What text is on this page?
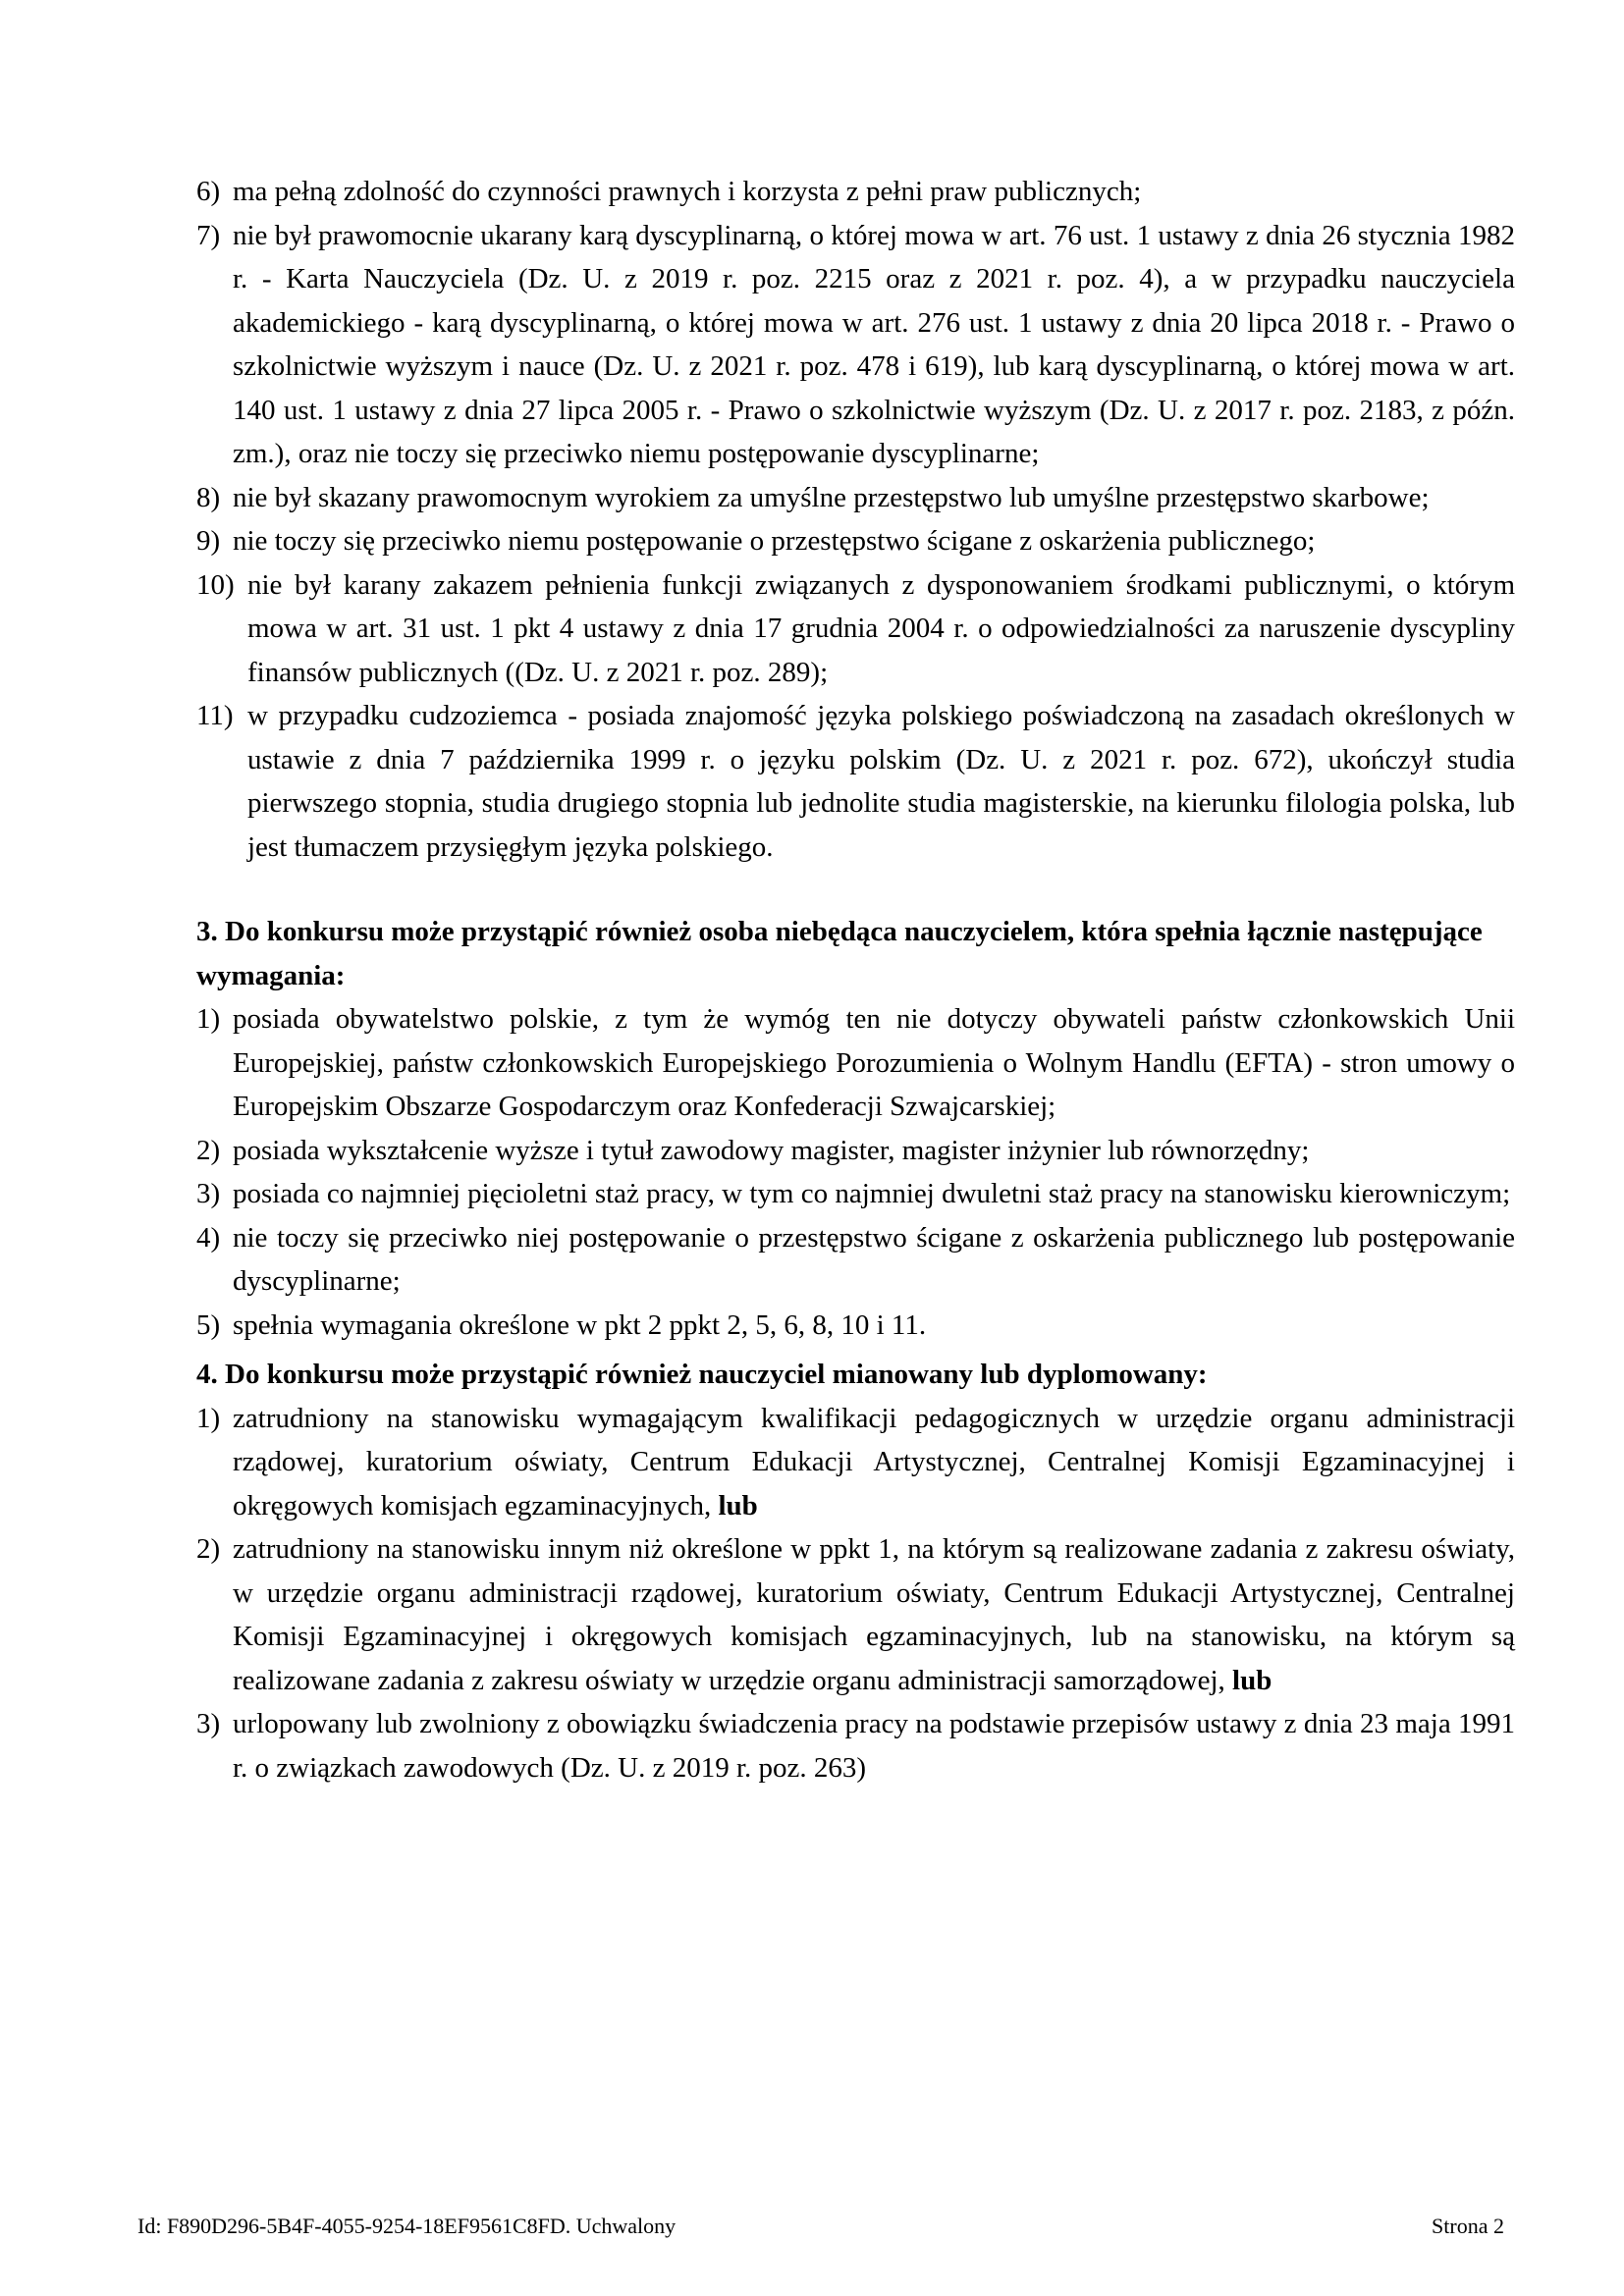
6) ma pełną zdolność do czynności prawnych i korzysta z pełni praw publicznych;
7) nie był prawomocnie ukarany karą dyscyplinarną, o której mowa w art. 76 ust. 1 ustawy z dnia 26 stycznia 1982 r. - Karta Nauczyciela (Dz. U. z 2019 r. poz. 2215 oraz z 2021 r. poz. 4), a w przypadku nauczyciela akademickiego - karą dyscyplinarną, o której mowa w art. 276 ust. 1 ustawy z dnia 20 lipca 2018 r. - Prawo o szkolnictwie wyższym i nauce (Dz. U. z 2021 r. poz. 478 i 619), lub karą dyscyplinarną, o której mowa w art. 140 ust. 1 ustawy z dnia 27 lipca 2005 r. - Prawo o szkolnictwie wyższym (Dz. U. z 2017 r. poz. 2183, z późn. zm.), oraz nie toczy się przeciwko niemu postępowanie dyscyplinarne;
8) nie był skazany prawomocnym wyrokiem za umyślne przestępstwo lub umyślne przestępstwo skarbowe;
9) nie toczy się przeciwko niemu postępowanie o przestępstwo ścigane z oskarżenia publicznego;
10) nie był karany zakazem pełnienia funkcji związanych z dysponowaniem środkami publicznymi, o którym mowa w art. 31 ust. 1 pkt 4 ustawy z dnia 17 grudnia 2004 r. o odpowiedzialności za naruszenie dyscypliny finansów publicznych ((Dz. U. z 2021 r. poz. 289);
11) w przypadku cudzoziemca - posiada znajomość języka polskiego poświadczoną na zasadach określonych w ustawie z dnia 7 października 1999 r. o języku polskim (Dz. U. z 2021 r. poz. 672), ukończył studia pierwszego stopnia, studia drugiego stopnia lub jednolite studia magisterskie, na kierunku filologia polska, lub jest tłumaczem przysięgłym języka polskiego.

3. Do konkursu może przystąpić również osoba niebędąca nauczycielem, która spełnia łącznie następujące wymagania:

1) posiada obywatelstwo polskie, z tym że wymóg ten nie dotyczy obywateli państw członkowskich Unii Europejskiej, państw członkowskich Europejskiego Porozumienia o Wolnym Handlu (EFTA) - stron umowy o Europejskim Obszarze Gospodarczym oraz Konfederacji Szwajcarskiej;
2) posiada wykształcenie wyższe i tytuł zawodowy magister, magister inżynier lub równorzędny;
3) posiada co najmniej pięcioletni staż pracy, w tym co najmniej dwuletni staż pracy na stanowisku kierowniczym;
4) nie toczy się przeciwko niej postępowanie o przestępstwo ścigane z oskarżenia publicznego lub postępowanie dyscyplinarne;
5) spełnia wymagania określone w pkt 2 ppkt 2, 5, 6, 8, 10 i 11.

4. Do konkursu może przystąpić również nauczyciel mianowany lub dyplomowany:

1) zatrudniony na stanowisku wymagającym kwalifikacji pedagogicznych w urzędzie organu administracji rządowej, kuratorium oświaty, Centrum Edukacji Artystycznej, Centralnej Komisji Egzaminacyjnej i okręgowych komisjach egzaminacyjnych, lub
2) zatrudniony na stanowisku innym niż określone w ppkt 1, na którym są realizowane zadania z zakresu oświaty, w urzędzie organu administracji rządowej, kuratorium oświaty, Centrum Edukacji Artystycznej, Centralnej Komisji Egzaminacyjnej i okręgowych komisjach egzaminacyjnych, lub na stanowisku, na którym są realizowane zadania z zakresu oświaty w urzędzie organu administracji samorządowej, lub
3) urlopowany lub zwolniony z obowiązku świadczenia pracy na podstawie przepisów ustawy z dnia 23 maja 1991 r. o związkach zawodowych (Dz. U. z 2019 r. poz. 263)
Id: F890D296-5B4F-4055-9254-18EF9561C8FD. Uchwalony	Strona 2
